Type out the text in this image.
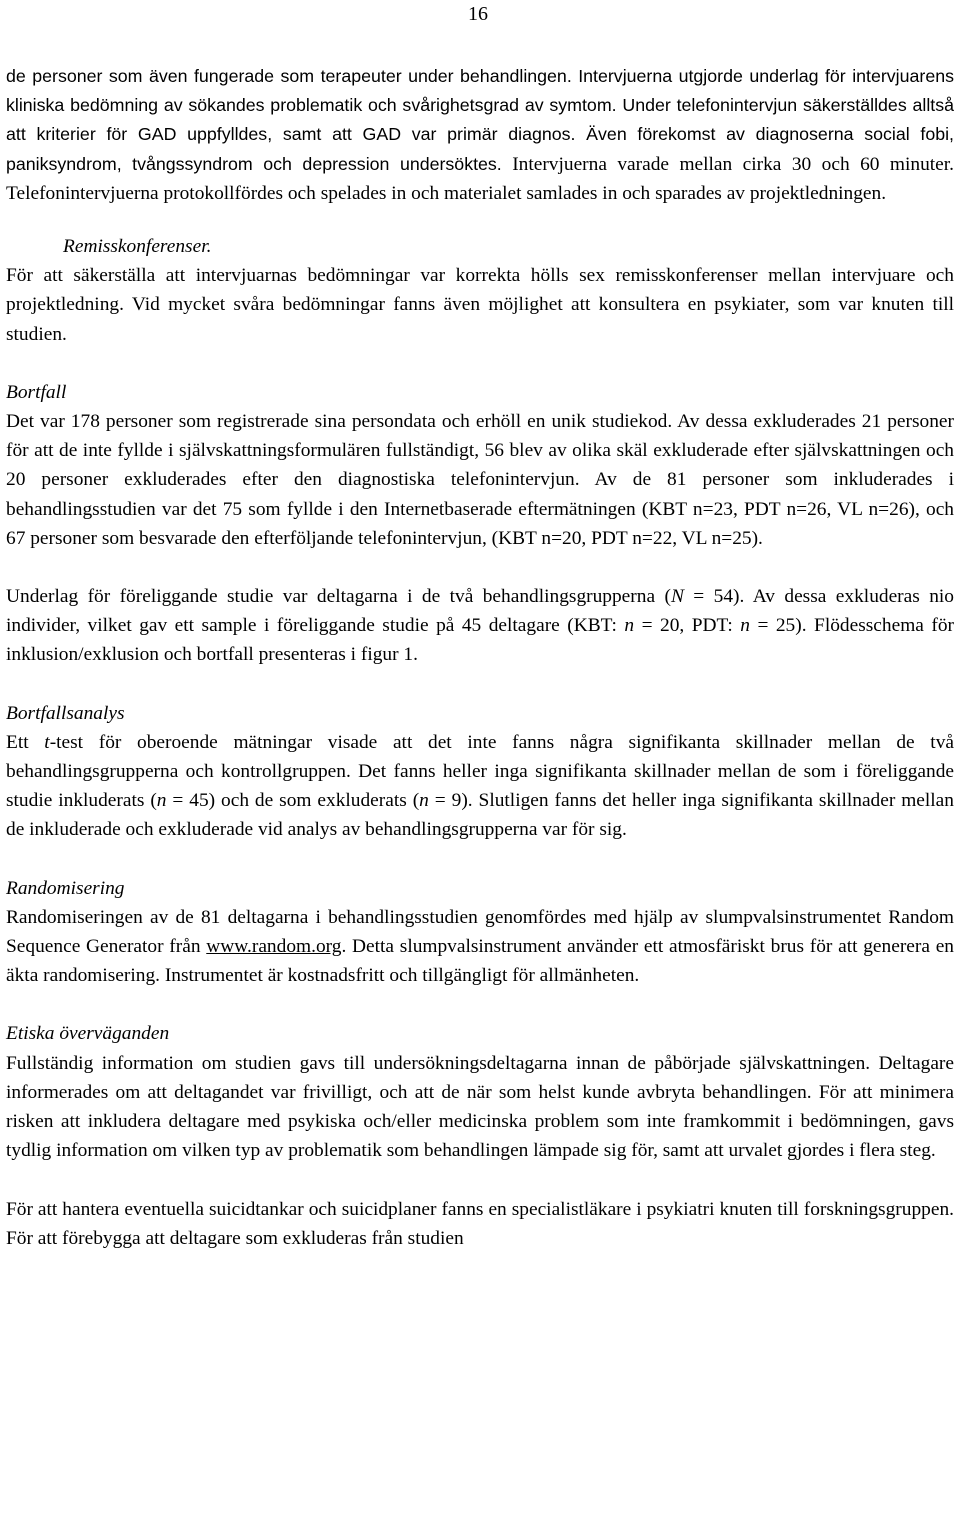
16

de personer som även fungerade som terapeuter under behandlingen. Intervjuerna utgjorde underlag för intervjuarens kliniska bedömning av sökandes problematik och svårighetsgrad av symtom. Under telefonintervjun säkerställdes alltså att kriterier för GAD uppfylldes, samt att GAD var primär diagnos. Även förekomst av diagnoserna social fobi, paniksyndrom, tvångssyndrom och depression undersöktes. Intervjuerna varade mellan cirka 30 och 60 minuter. Telefonintervjuerna protokollfördes och spelades in och materialet samlades in och sparades av projektledningen.

Remisskonferenser.

För att säkerställa att intervjuarnas bedömningar var korrekta hölls sex remisskonferenser mellan intervjuare och projektledning. Vid mycket svåra bedömningar fanns även möjlighet att konsultera en psykiater, som var knuten till studien.

Bortfall

Det var 178 personer som registrerade sina persondata och erhöll en unik studiekod. Av dessa exkluderades 21 personer för att de inte fyllde i självskattningsformulären fullständigt, 56 blev av olika skäl exkluderade efter självskattningen och 20 personer exkluderades efter den diagnostiska telefonintervjun. Av de 81 personer som inkluderades i behandlingsstudien var det 75 som fyllde i den Internetbaserade eftermätningen (KBT n=23, PDT n=26, VL n=26), och 67 personer som besvarade den efterföljande telefonintervjun, (KBT n=20, PDT n=22, VL n=25).

Underlag för föreliggande studie var deltagarna i de två behandlingsgrupperna (N = 54). Av dessa exkluderas nio individer, vilket gav ett sample i föreliggande studie på 45 deltagare (KBT: n = 20, PDT: n = 25). Flödesschema för inklusion/exklusion och bortfall presenteras i figur 1.

Bortfallsanalys

Ett t-test för oberoende mätningar visade att det inte fanns några signifikanta skillnader mellan de två behandlingsgrupperna och kontrollgruppen. Det fanns heller inga signifikanta skillnader mellan de som i föreliggande studie inkluderats (n = 45) och de som exkluderats (n = 9). Slutligen fanns det heller inga signifikanta skillnader mellan de inkluderade och exkluderade vid analys av behandlingsgrupperna var för sig.

Randomisering

Randomiseringen av de 81 deltagarna i behandlingsstudien genomfördes med hjälp av slumpvalsinstrumentet Random Sequence Generator från www.random.org. Detta slumpvalsinstrument använder ett atmosfäriskt brus för att generera en äkta randomisering. Instrumentet är kostnadsfritt och tillgängligt för allmänheten.

Etiska överväganden

Fullständig information om studien gavs till undersökningsdeltagarna innan de påbörjade självskattningen. Deltagare informerades om att deltagandet var frivilligt, och att de när som helst kunde avbryta behandlingen. För att minimera risken att inkludera deltagare med psykiska och/eller medicinska problem som inte framkommit i bedömningen, gavs tydlig information om vilken typ av problematik som behandlingen lämpade sig för, samt att urvalet gjordes i flera steg.

För att hantera eventuella suicidtankar och suicidplaner fanns en specialistläkare i psykiatri knuten till forskningsgruppen. För att förebygga att deltagare som exkluderas från studien
